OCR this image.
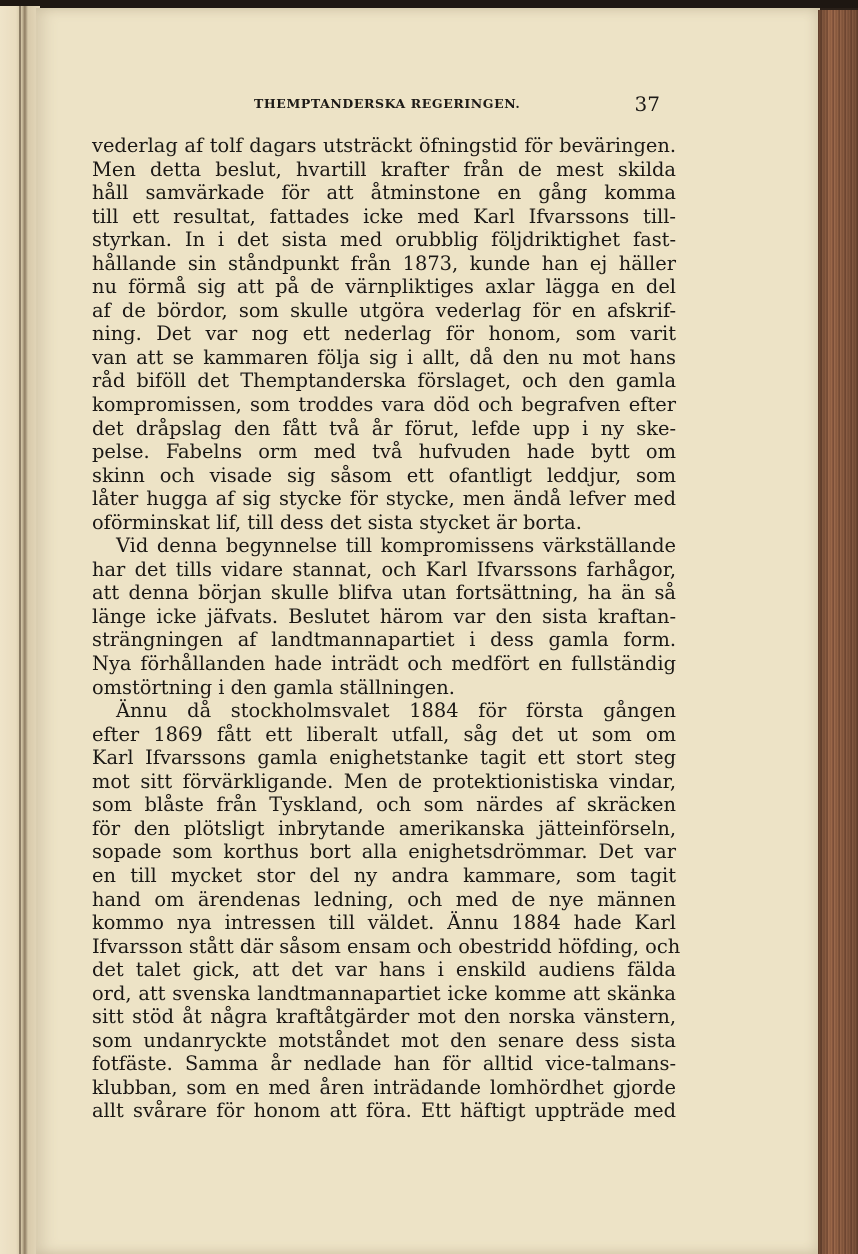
THEMPTANDERSKA REGERINGEN.	37
vederlag af tolf dagars utsträckt öfningstid för beväringen.
Men detta beslut, hvartill krafter från de mest skilda
håll samvärkade för att åtminstone en gång komma
till ett resultat, fattades icke med Karl Ifvarssons till-
styrkan. In i det sista med orubblig följdriktighet fast-
hållande sin ståndpunkt från 1873, kunde han ej häller
nu förmå sig att på de värnpliktiges axlar lägga en del
af de bördor, som skulle utgöra vederlag för en afskrif-
ning. Det var nog ett nederlag för honom, som varit
van att se kammaren följa sig i allt, då den nu mot hans
råd biföll det Themptanderska förslaget, och den gamla
kompromissen, som troddes vara död och begrafven efter
det dråpslag den fått två år förut, lefde upp i ny ske-
pelse. Fabelns orm med två hufvuden hade bytt om
skinn och visade sig såsom ett ofantligt leddjur, som
låter hugga af sig stycke för stycke, men ändå lefver med
oförminskat lif, till dess det sista stycket är borta.
Vid denna begynnelse till kompromissens värkställande
har det tills vidare stannat, och Karl Ifvarssons farhågor,
att denna början skulle blifva utan fortsättning, ha än så
länge icke jäfvats. Beslutet härom var den sista kraftan-
strängningen af landtmannapartiet i dess gamla form.
Nya förhållanden hade inträdt och medfört en fullständig
omstörtning i den gamla ställningen.
Ännu då stockholmsvalet 1884 för första gången
efter 1869 fått ett liberalt utfall, såg det ut som om
Karl Ifvarssons gamla enighetstanke tagit ett stort steg
mot sitt förvärkligande. Men de protektionistiska vindar,
som blåste från Tyskland, och som närdes af skräcken
för den plötsligt inbrytande amerikanska jätteinförseln,
sopade som korthus bort alla enighetsdrömmar. Det var
en till mycket stor del ny andra kammare, som tagit
hand om ärendenas ledning, och med de nye männen
kommo nya intressen till väldet. Ännu 1884 hade Karl
Ifvarsson stått där såsom ensam och obestridd höfding, och
det talet gick, att det var hans i enskild audiens fälda
ord, att svenska landtmannapartiet icke komme att skänka
sitt stöd åt några kraftåtgärder mot den norska vänstern,
som undanryckte motståndet mot den senare dess sista
fotfäste. Samma år nedlade han för alltid vice-talmans-
klubban, som en med åren inträdande lomhördhet gjorde
allt svårare för honom att föra. Ett häftigt uppträde med
